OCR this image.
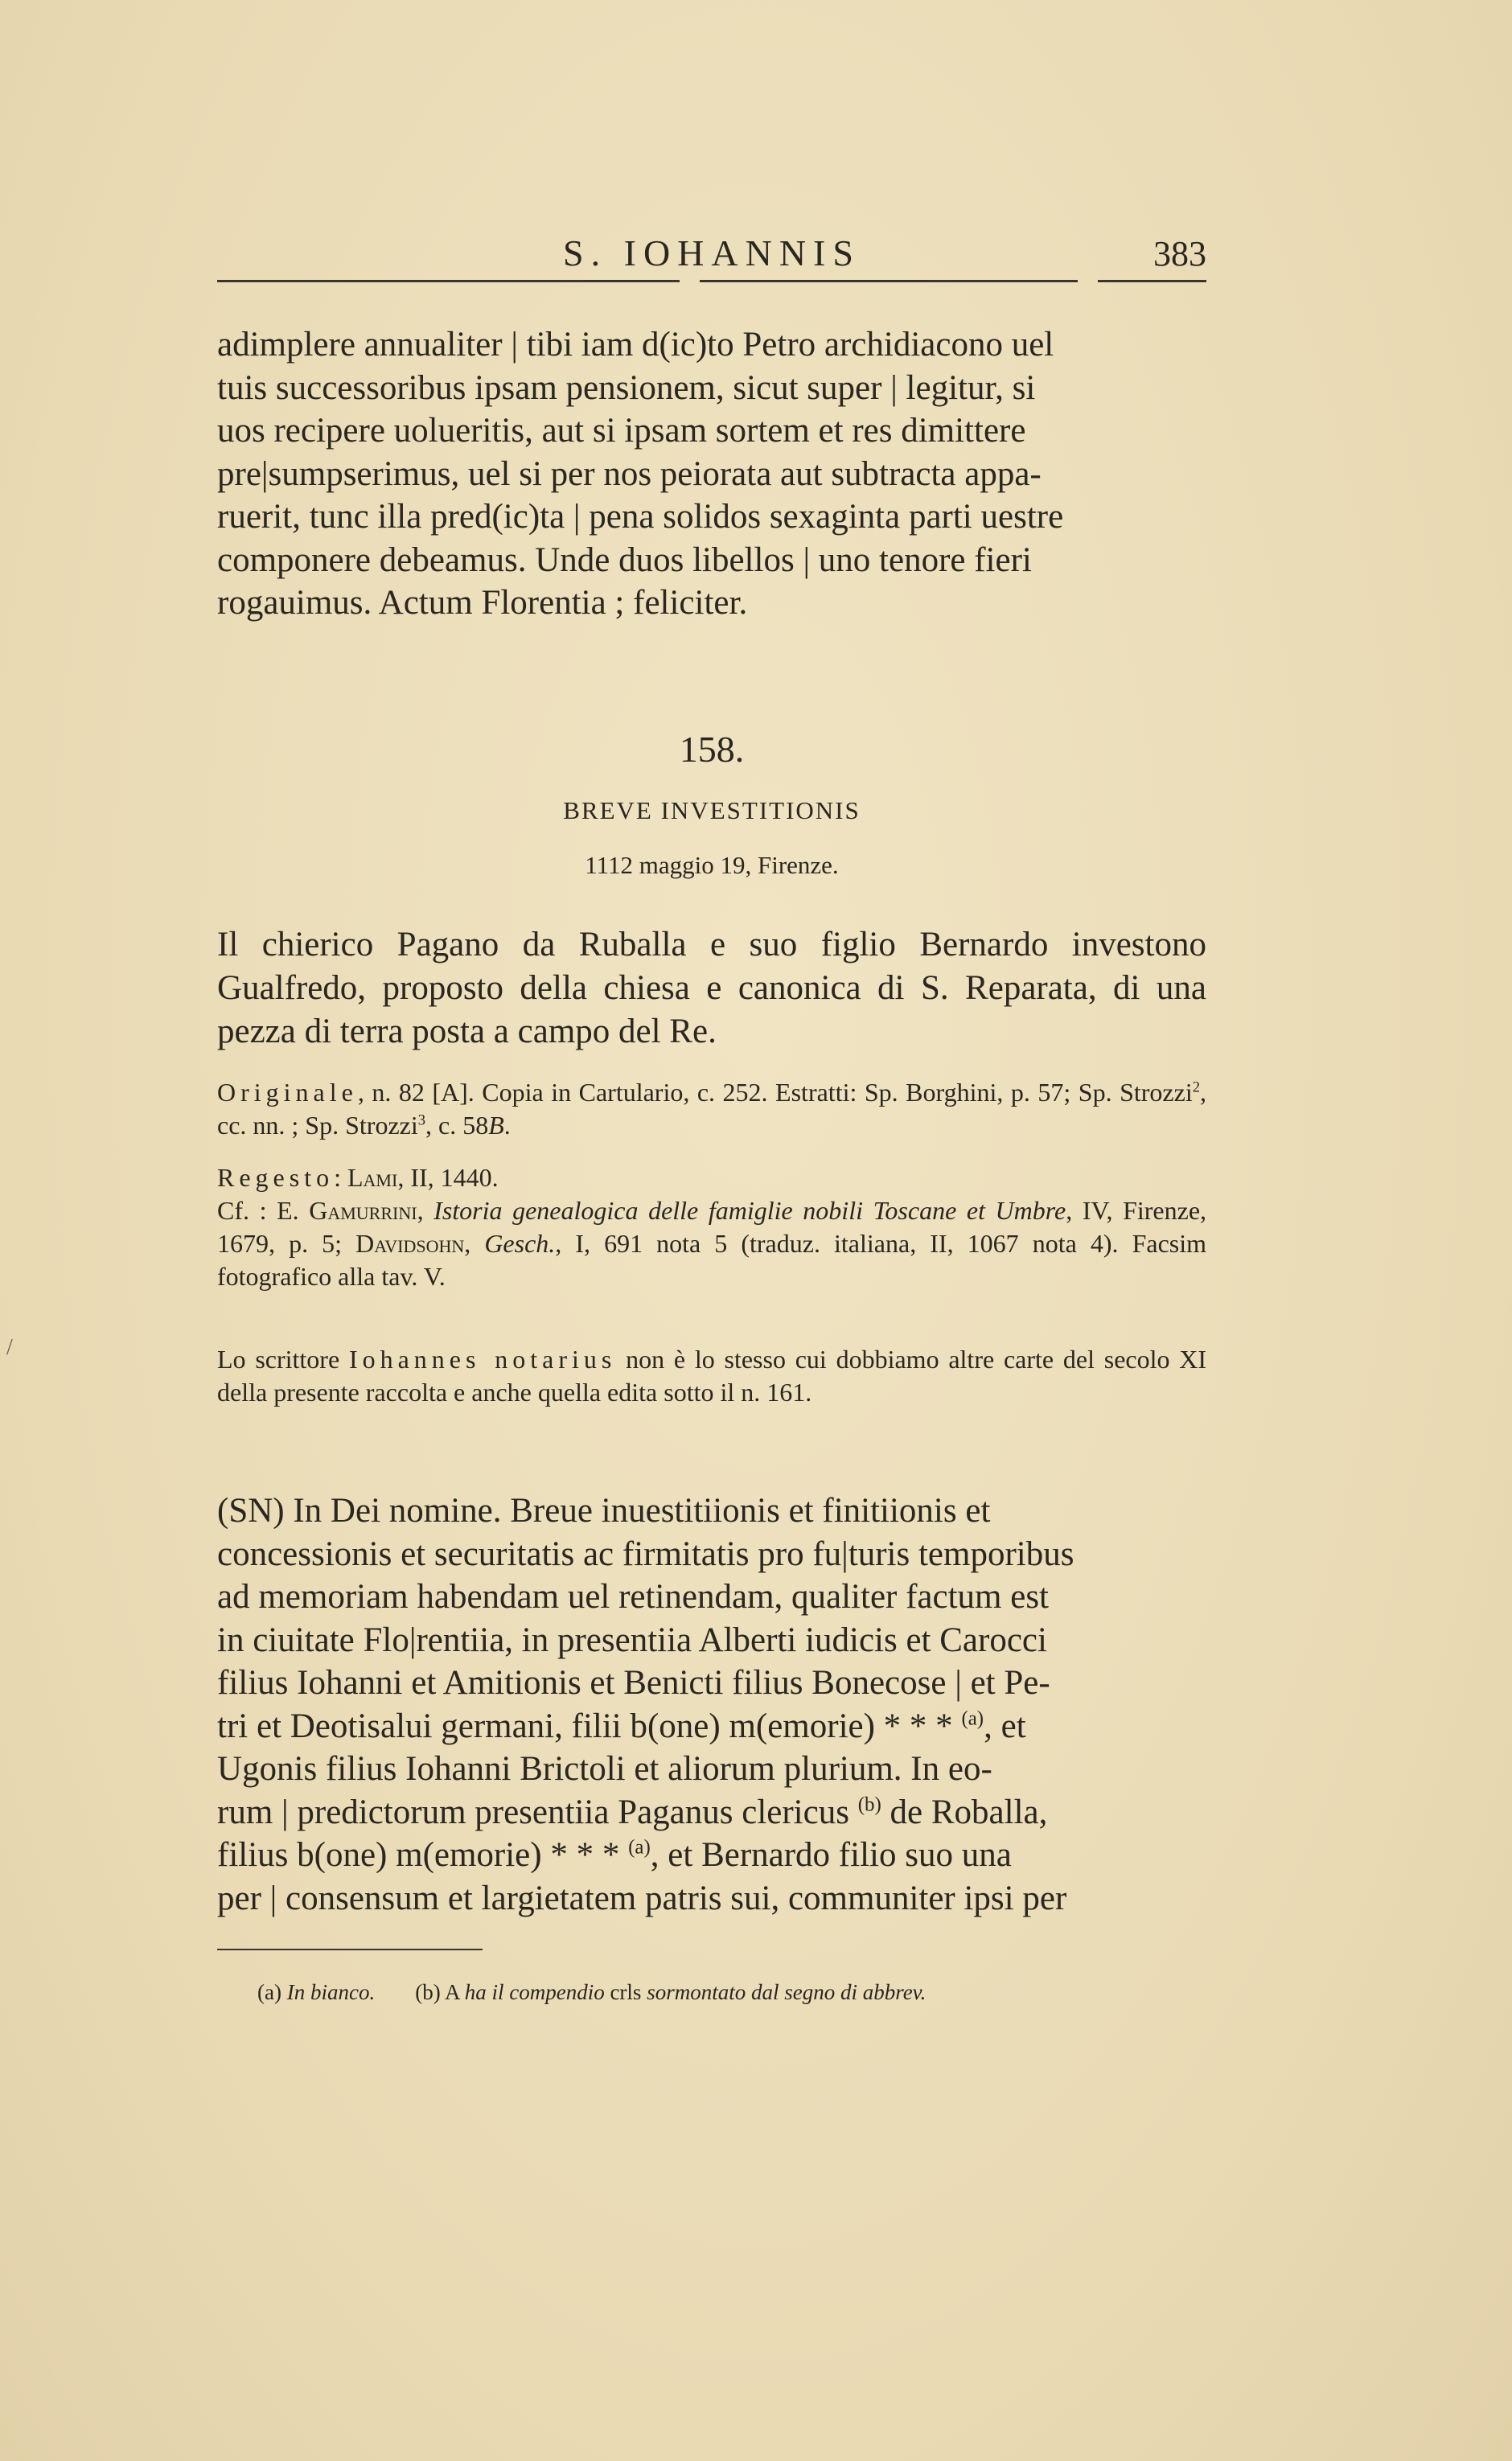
S. IOHANNIS	383

adimplere annualiter | tibi iam d(ic)to Petro archidiacono uel

tuis successoribus ipsam pensionem, sicut super | legitur, si

uos recipere uolueritis, aut si ipsam sortem et res dimittere

pre|sumpserimus, uel si per nos peiorata aut subtracta appa-

ruerit, tunc illa pred(ic)ta | pena solidos sexaginta parti uestre

componere debeamus. Unde duos libellos | uno tenore fieri

rogauimus. Actum Florentia ; feliciter.

158.
BREVE INVESTITIONIS
1112 maggio 19, Firenze.
Il chierico Pagano da Ruballa e suo figlio Bernardo investono Gualfredo, proposto della chiesa e canonica di S. Reparata, di una pezza di terra posta a campo del Re.
Originale, n. 82 [A]. Copia in Cartulario, c. 252. Estratti: Sp. Borghini, p. 57; Sp. Strozzi$^2$, cc. nn. ; Sp. Strozzi$^3$, c. 58B.
Regesto: Lami, II, 1440.
Cf. : E. Gamurrini, Istoria genealogica delle famiglie nobili Toscane et Umbre, IV, Firenze, 1679, p. 5; Davidsohn, Gesch., I, 691 nota 5 (traduz. italiana, II, 1067 nota 4). Facsim fotografico alla tav. V.
Lo scrittore Iohannes notarius non è lo stesso cui dobbiamo altre carte del secolo XI della presente raccolta e anche quella edita sotto il n. 161.
/

(SN) In Dei nomine. Breue inuestitiionis et finitiionis et

concessionis et securitatis ac firmitatis pro fu|turis temporibus

ad memoriam habendam uel retinendam, qualiter factum est

in ciuitate Flo|rentiia, in presentiia Alberti iudicis et Carocci

filius Iohanni et Amitionis et Benicti filius Bonecose | et Pe-

tri et Deotisalui germani, filii b(one) m(emorie) * * * $^{(a)}$, et

Ugonis filius Iohanni Brictoli et aliorum plurium. In eo-

rum | predictorum presentiia Paganus clericus $^{(b)}$ de Roballa,

filius b(one) m(emorie) * * * $^{(a)}$, et Bernardo filio suo una

per | consensum et largietatem patris sui, communiter ipsi per

(a) In bianco. (b) A ha il compendio crls sormontato dal segno di abbrev.
